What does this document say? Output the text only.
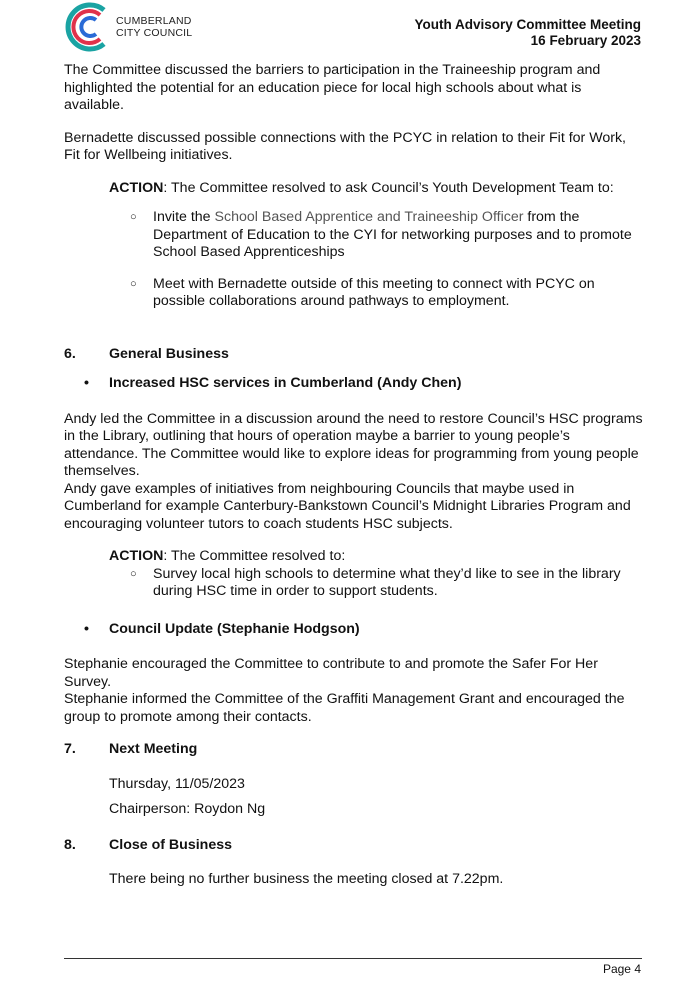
CUMBERLAND
CITY COUNCIL
Youth Advisory Committee Meeting
16 February 2023

The Committee discussed the barriers to participation in the Traineeship program and highlighted the potential for an education piece for local high schools about what is available.

Bernadette discussed possible connections with the PCYC in relation to their Fit for Work, Fit for Wellbeing initiatives.

ACTION: The Committee resolved to ask Council’s Youth Development Team to:

○ Invite the School Based Apprentice and Traineeship Officer from the Department of Education to the CYI for networking purposes and to promote School Based Apprenticeships
○ Meet with Bernadette outside of this meeting to connect with PCYC on possible collaborations around pathways to employment.
6.	General Business
•	Increased HSC services in Cumberland (Andy Chen)

Andy led the Committee in a discussion around the need to restore Council’s HSC programs in the Library, outlining that hours of operation maybe a barrier to young people’s attendance. The Committee would like to explore ideas for programming from young people themselves.

Andy gave examples of initiatives from neighbouring Councils that maybe used in Cumberland for example Canterbury-Bankstown Council’s Midnight Libraries Program and encouraging volunteer tutors to coach students HSC subjects.

ACTION: The Committee resolved to:

○ Survey local high schools to determine what they’d like to see in the library during HSC time in order to support students.
•	Council Update (Stephanie Hodgson)

Stephanie encouraged the Committee to contribute to and promote the Safer For Her Survey.

Stephanie informed the Committee of the Graffiti Management Grant and encouraged the group to promote among their contacts.

7.	Next Meeting

Thursday, 11/05/2023

Chairperson: Roydon Ng

8.	Close of Business

There being no further business the meeting closed at 7.22pm.

Page 4
